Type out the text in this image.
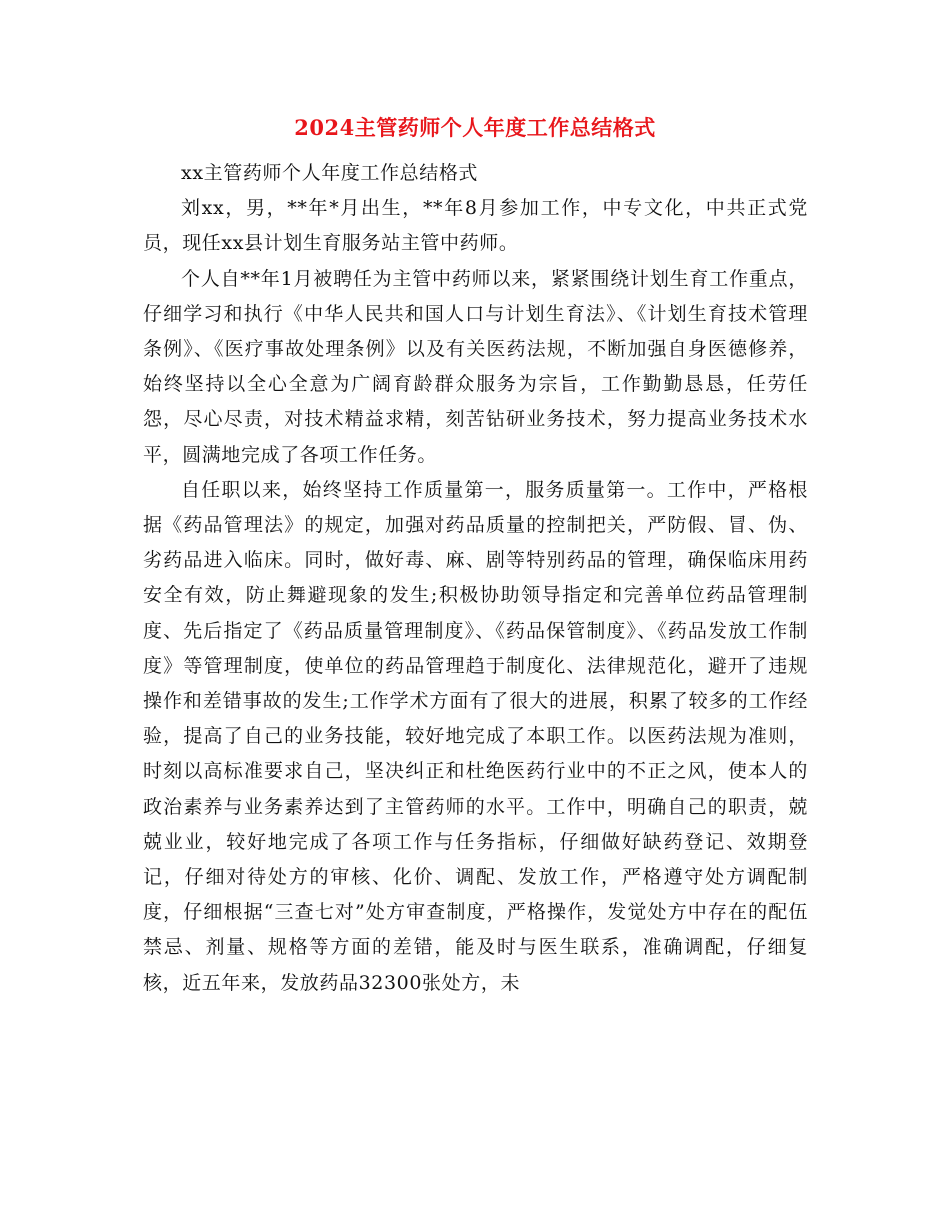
2024主管药师个人年度工作总结格式

xx主管药师个人年度工作总结格式

刘xx，男，**年*月出生，**年8月参加工作，中专文化，中共正式党员，现任xx县计划生育服务站主管中药师。

个人自**年1月被聘任为主管中药师以来，紧紧围绕计划生育工作重点，仔细学习和执行《中华人民共和国人口与计划生育法》、《计划生育技术管理条例》、《医疗事故处理条例》以及有关医药法规，不断加强自身医德修养，始终坚持以全心全意为广阔育龄群众服务为宗旨，工作勤勤恳恳，任劳任怨，尽心尽责，对技术精益求精，刻苦钻研业务技术，努力提高业务技术水平，圆满地完成了各项工作任务。

自任职以来，始终坚持工作质量第一，服务质量第一。工作中，严格根据《药品管理法》的规定，加强对药品质量的控制把关，严防假、冒、伪、劣药品进入临床。同时，做好毒、麻、剧等特别药品的管理，确保临床用药安全有效，防止舞避现象的发生;积极协助领导指定和完善单位药品管理制度、先后指定了《药品质量管理制度》、《药品保管制度》、《药品发放工作制度》等管理制度，使单位的药品管理趋于制度化、法律规范化，避开了违规操作和差错事故的发生;工作学术方面有了很大的进展，积累了较多的工作经验，提高了自己的业务技能，较好地完成了本职工作。以医药法规为准则，时刻以高标准要求自己，坚决纠正和杜绝医药行业中的不正之风，使本人的政治素养与业务素养达到了主管药师的水平。工作中，明确自己的职责，兢兢业业，较好地完成了各项工作与任务指标，仔细做好缺药登记、效期登记，仔细对待处方的审核、化价、调配、发放工作，严格遵守处方调配制度，仔细根据“三查七对”处方审查制度，严格操作，发觉处方中存在的配伍禁忌、剂量、规格等方面的差错，能及时与医生联系，准确调配，仔细复核，近五年来，发放药品32300张处方，未
